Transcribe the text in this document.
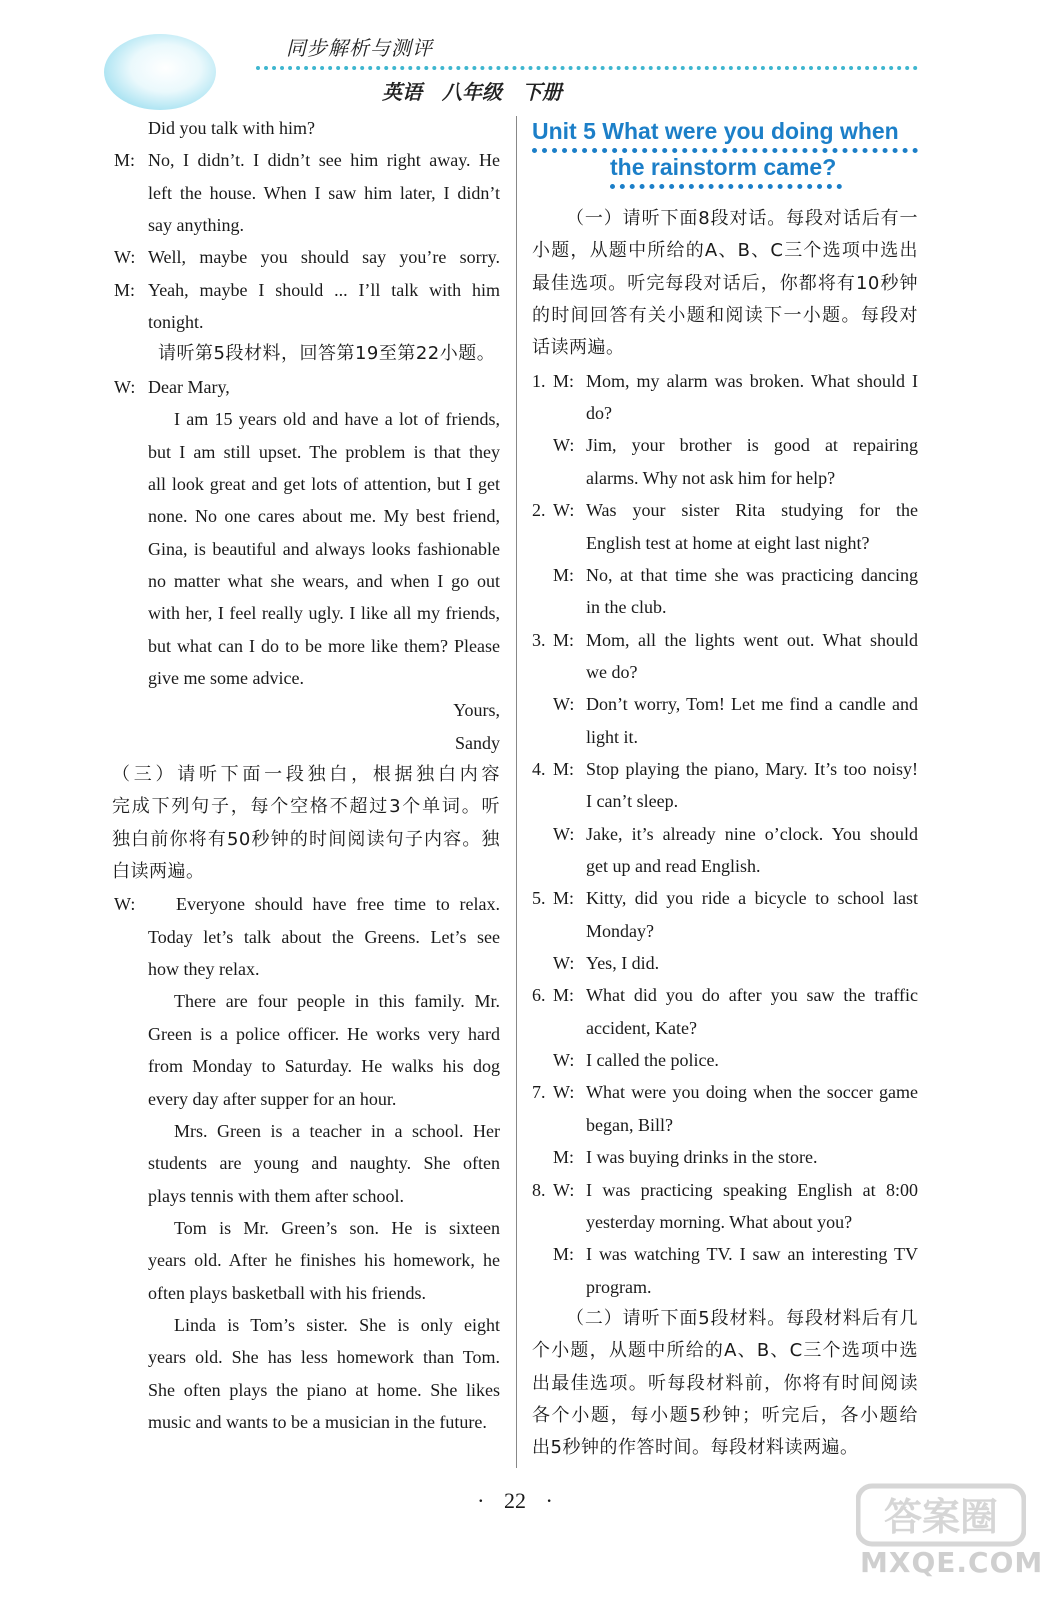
同步解析与测评
英语　八年级　下册
Did you talk with him?
M: No, I didn’t. I didn’t see him right away. He
left the house. When I saw him later, I didn’t
say anything.
W: Well, maybe you should say you’re sorry.
M: Yeah, maybe I should ... I’ll talk with him
tonight.
请听第5段材料，回答第19至第22小题。
W: Dear Mary,
I am 15 years old and have a lot of friends,
but I am still upset. The problem is that they
all look great and get lots of attention, but I get
none. No one cares about me. My best friend,
Gina, is beautiful and always looks fashionable
no matter what she wears, and when I go out
with her, I feel really ugly. I like all my friends,
but what can I do to be more like them? Please
give me some advice.
Yours,
Sandy
（三）请听下面一段独白，根据独白内容
完成下列句子，每个空格不超过3个单词。听
独白前你将有50秒钟的时间阅读句子内容。独
白读两遍。
W: Everyone should have free time to relax.
Today let’s talk about the Greens. Let’s see
how they relax.
There are four people in this family. Mr.
Green is a police officer. He works very hard
from Monday to Saturday. He walks his dog
every day after supper for an hour.
Mrs. Green is a teacher in a school. Her
students are young and naughty. She often
plays tennis with them after school.
Tom is Mr. Green’s son. He is sixteen
years old. After he finishes his homework, he
often plays basketball with his friends.
Linda is Tom’s sister. She is only eight
years old. She has less homework than Tom.
She often plays the piano at home. She likes
music and wants to be a musician in the future.
（一）请听下面8段对话。每段对话后有一
小题，从题中所给的A、B、C三个选项中选出
最佳选项。听完每段对话后，你都将有10秒钟
的时间回答有关小题和阅读下一小题。每段对
话读两遍。
1. M: Mom, my alarm was broken. What should I
do?
W: Jim, your brother is good at repairing
alarms. Why not ask him for help?
2. W: Was your sister Rita studying for the
English test at home at eight last night?
M: No, at that time she was practicing dancing
in the club.
3. M: Mom, all the lights went out. What should
we do?
W: Don’t worry, Tom! Let me find a candle and
light it.
4. M: Stop playing the piano, Mary. It’s too noisy!
I can’t sleep.
W: Jake, it’s already nine o’clock. You should
get up and read English.
5. M: Kitty, did you ride a bicycle to school last
Monday?
W: Yes, I did.
6. M: What did you do after you saw the traffic
accident, Kate?
W: I called the police.
7. W: What were you doing when the soccer game
began, Bill?
M: I was buying drinks in the store.
8. W: I was practicing speaking English at 8:00
yesterday morning. What about you?
M: I was watching TV. I saw an interesting TV
program.
（二）请听下面5段材料。每段材料后有几
个小题，从题中所给的A、B、C三个选项中选
出最佳选项。听每段材料前，你将有时间阅读
各个小题，每小题5秒钟；听完后，各小题给
出5秒钟的作答时间。每段材料读两遍。
Unit 5 What were you doing when
the rainstorm came?
· 22 ·	答案圈
MXQE.COM
